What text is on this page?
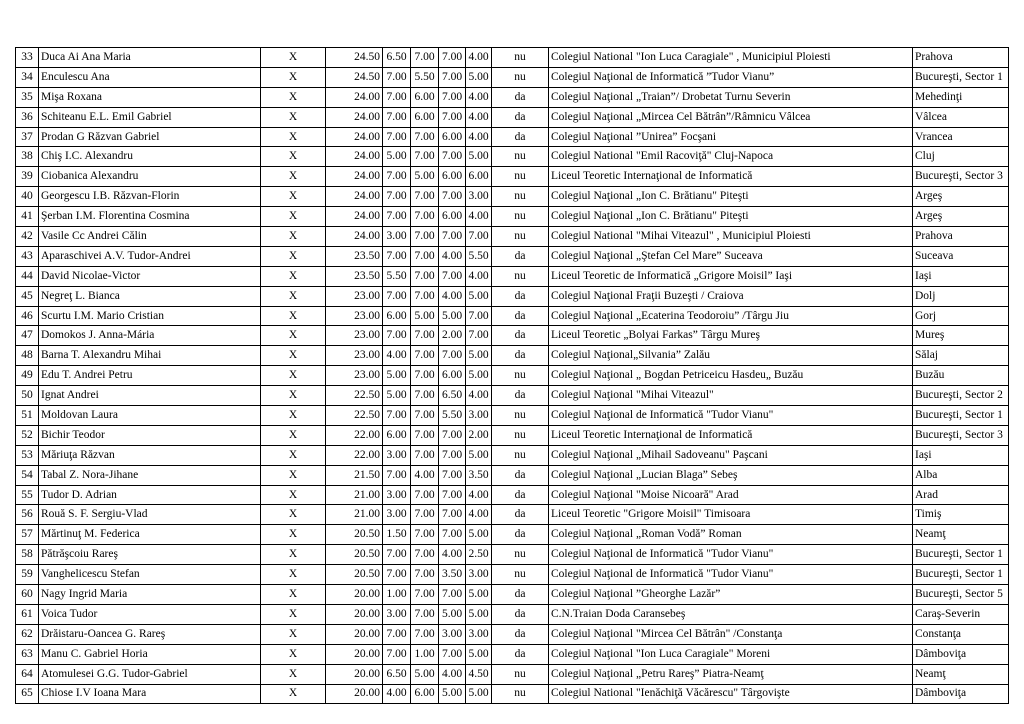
33	Duca Ai Ana Maria	X	24.50	6.50	7.00	7.00	4.00	nu	Colegiul National "Ion Luca Caragiale" , Municipiul Ploiesti	Prahova
34	Enculescu Ana	X	24.50	7.00	5.50	7.00	5.00	nu	Colegiul Naţional de Informatică ”Tudor Vianu”	Bucureşti, Sector 1
35	Mişa Roxana	X	24.00	7.00	6.00	7.00	4.00	da	Colegiul Naţional „Traian”/ Drobetat Turnu Severin	Mehedinţi
36	Schiteanu E.L. Emil Gabriel	X	24.00	7.00	6.00	7.00	4.00	da	Colegiul Naţional „Mircea Cel Bătrân”/Râmnicu Vâlcea	Vâlcea
37	Prodan G Răzvan Gabriel	X	24.00	7.00	7.00	6.00	4.00	da	Colegiul Naţional ”Unirea” Focşani	Vrancea
38	Chiş I.C. Alexandru	X	24.00	5.00	7.00	7.00	5.00	nu	Colegiul National "Emil Racoviţă" Cluj-Napoca	Cluj
39	Ciobanica Alexandru	X	24.00	7.00	5.00	6.00	6.00	nu	Liceul Teoretic Internaţional de Informatică	Bucureşti, Sector 3
40	Georgescu I.B. Răzvan-Florin	X	24.00	7.00	7.00	7.00	3.00	nu	Colegiul Naţional „Ion C. Brătianu" Piteşti	Argeş
41	Şerban I.M. Florentina Cosmina	X	24.00	7.00	7.00	6.00	4.00	nu	Colegiul Naţional „Ion C. Brătianu" Piteşti	Argeş
42	Vasile Cc Andrei Călin	X	24.00	3.00	7.00	7.00	7.00	nu	Colegiul National "Mihai Viteazul" , Municipiul Ploiesti	Prahova
43	Aparaschivei A.V. Tudor-Andrei	X	23.50	7.00	7.00	4.00	5.50	da	Colegiul Naţional „Ştefan Cel Mare” Suceava	Suceava
44	David Nicolae-Victor	X	23.50	5.50	7.00	7.00	4.00	nu	Liceul Teoretic de Informatică „Grigore Moisil” Iaşi	Iaşi
45	Negreţ L. Bianca	X	23.00	7.00	7.00	4.00	5.00	da	Colegiul Naţional Fraţii Buzeşti / Craiova	Dolj
46	Scurtu I.M. Mario Cristian	X	23.00	6.00	5.00	5.00	7.00	da	Colegiul Naţional „Ecaterina Teodoroiu” /Târgu Jiu	Gorj
47	Domokos J. Anna-Mária	X	23.00	7.00	7.00	2.00	7.00	da	Liceul Teoretic „Bolyai Farkas” Târgu Mureş	Mureş
48	Barna T. Alexandru Mihai	X	23.00	4.00	7.00	7.00	5.00	da	Colegiul Naţional„Silvania” Zalău	Sălaj
49	Edu T. Andrei Petru	X	23.00	5.00	7.00	6.00	5.00	nu	Colegiul Naţional „ Bogdan Petriceicu Hasdeu„ Buzău	Buzău
50	Ignat Andrei	X	22.50	5.00	7.00	6.50	4.00	da	Colegiul Naţional "Mihai Viteazul"	Bucureşti, Sector 2
51	Moldovan Laura	X	22.50	7.00	7.00	5.50	3.00	nu	Colegiul Naţional de Informatică "Tudor Vianu"	Bucureşti, Sector 1
52	Bichir Teodor	X	22.00	6.00	7.00	7.00	2.00	nu	Liceul Teoretic Internaţional de Informatică	Bucureşti, Sector 3
53	Măriuţa Răzvan	X	22.00	3.00	7.00	7.00	5.00	nu	Colegiul Naţional „Mihail Sadoveanu" Paşcani	Iaşi
54	Tabal Z. Nora-Jihane	X	21.50	7.00	4.00	7.00	3.50	da	Colegiul Naţional „Lucian Blaga” Sebeş	Alba
55	Tudor D. Adrian	X	21.00	3.00	7.00	7.00	4.00	da	Colegiul Naţional "Moise Nicoară" Arad	Arad
56	Rouă S. F. Sergiu-Vlad	X	21.00	3.00	7.00	7.00	4.00	da	Liceul Teoretic "Grigore Moisil" Timisoara	Timiş
57	Mărtinuţ M. Federica	X	20.50	1.50	7.00	7.00	5.00	da	Colegiul Naţional „Roman Vodă” Roman	Neamţ
58	Pătrăşcoiu Rareş	X	20.50	7.00	7.00	4.00	2.50	nu	Colegiul Naţional de Informatică "Tudor Vianu"	Bucureşti, Sector 1
59	Vanghelicescu Stefan	X	20.50	7.00	7.00	3.50	3.00	nu	Colegiul Naţional de Informatică "Tudor Vianu"	Bucureşti, Sector 1
60	Nagy Ingrid Maria	X	20.00	1.00	7.00	7.00	5.00	da	Colegiul Naţional ”Gheorghe Lazăr”	Bucureşti, Sector 5
61	Voica Tudor	X	20.00	3.00	7.00	5.00	5.00	da	C.N.Traian Doda Caransebeş	Caraş-Severin
62	Drăistaru-Oancea G. Rareş	X	20.00	7.00	7.00	3.00	3.00	da	Colegiul Naţional "Mircea Cel Bătrân" /Constanţa	Constanţa
63	Manu C. Gabriel Horia	X	20.00	7.00	1.00	7.00	5.00	da	Colegiul Naţional "Ion Luca Caragiale" Moreni	Dâmboviţa
64	Atomulesei G.G. Tudor-Gabriel	X	20.00	6.50	5.00	4.00	4.50	nu	Colegiul Naţional „Petru Rareş” Piatra-Neamţ	Neamţ
65	Chiose I.V Ioana Mara	X	20.00	4.00	6.00	5.00	5.00	nu	Colegiul National "Ienăchiţă Văcărescu" Târgovişte	Dâmboviţa
